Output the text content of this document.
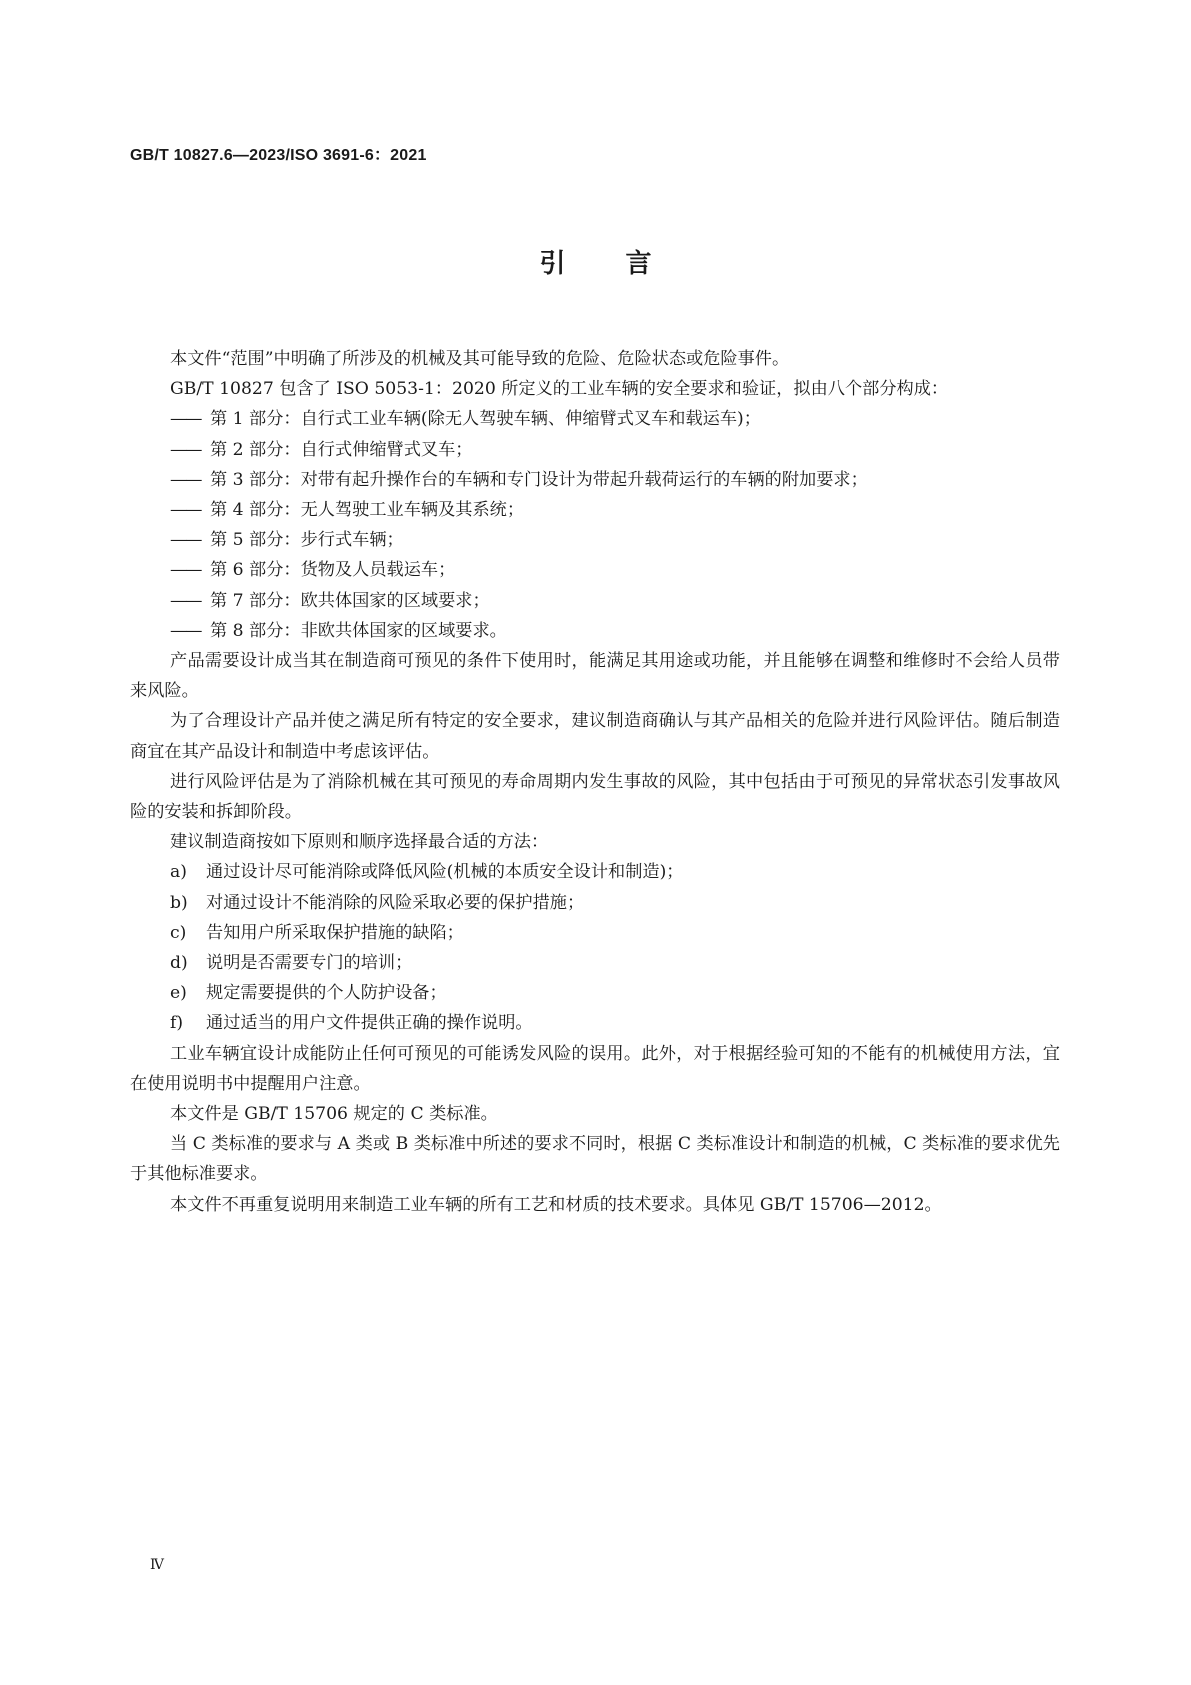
GB/T 10827.6—2023/ISO 3691-6：2021
引言

本文件“范围”中明确了所涉及的机械及其可能导致的危险、危险状态或危险事件。

GB/T 10827 包含了 ISO 5053-1：2020 所定义的工业车辆的安全要求和验证，拟由八个部分构成：

—— 第 1 部分：自行式工业车辆(除无人驾驶车辆、伸缩臂式叉车和载运车)；
—— 第 2 部分：自行式伸缩臂式叉车；
—— 第 3 部分：对带有起升操作台的车辆和专门设计为带起升载荷运行的车辆的附加要求；
—— 第 4 部分：无人驾驶工业车辆及其系统；
—— 第 5 部分：步行式车辆；
—— 第 6 部分：货物及人员载运车；
—— 第 7 部分：欧共体国家的区域要求；
—— 第 8 部分：非欧共体国家的区域要求。

产品需要设计成当其在制造商可预见的条件下使用时，能满足其用途或功能，并且能够在调整和维修时不会给人员带来风险。

为了合理设计产品并使之满足所有特定的安全要求，建议制造商确认与其产品相关的危险并进行风险评估。随后制造商宜在其产品设计和制造中考虑该评估。

进行风险评估是为了消除机械在其可预见的寿命周期内发生事故的风险，其中包括由于可预见的异常状态引发事故风险的安装和拆卸阶段。

建议制造商按如下原则和顺序选择最合适的方法：

a) 通过设计尽可能消除或降低风险(机械的本质安全设计和制造)；
b) 对通过设计不能消除的风险采取必要的保护措施；
c) 告知用户所采取保护措施的缺陷；
d) 说明是否需要专门的培训；
e) 规定需要提供的个人防护设备；
f) 通过适当的用户文件提供正确的操作说明。

工业车辆宜设计成能防止任何可预见的可能诱发风险的误用。此外，对于根据经验可知的不能有的机械使用方法，宜在使用说明书中提醒用户注意。

本文件是 GB/T 15706 规定的 C 类标准。

当 C 类标准的要求与 A 类或 B 类标准中所述的要求不同时，根据 C 类标准设计和制造的机械，C 类标准的要求优先于其他标准要求。

本文件不再重复说明用来制造工业车辆的所有工艺和材质的技术要求。具体见 GB/T 15706—2012。

Ⅳ
